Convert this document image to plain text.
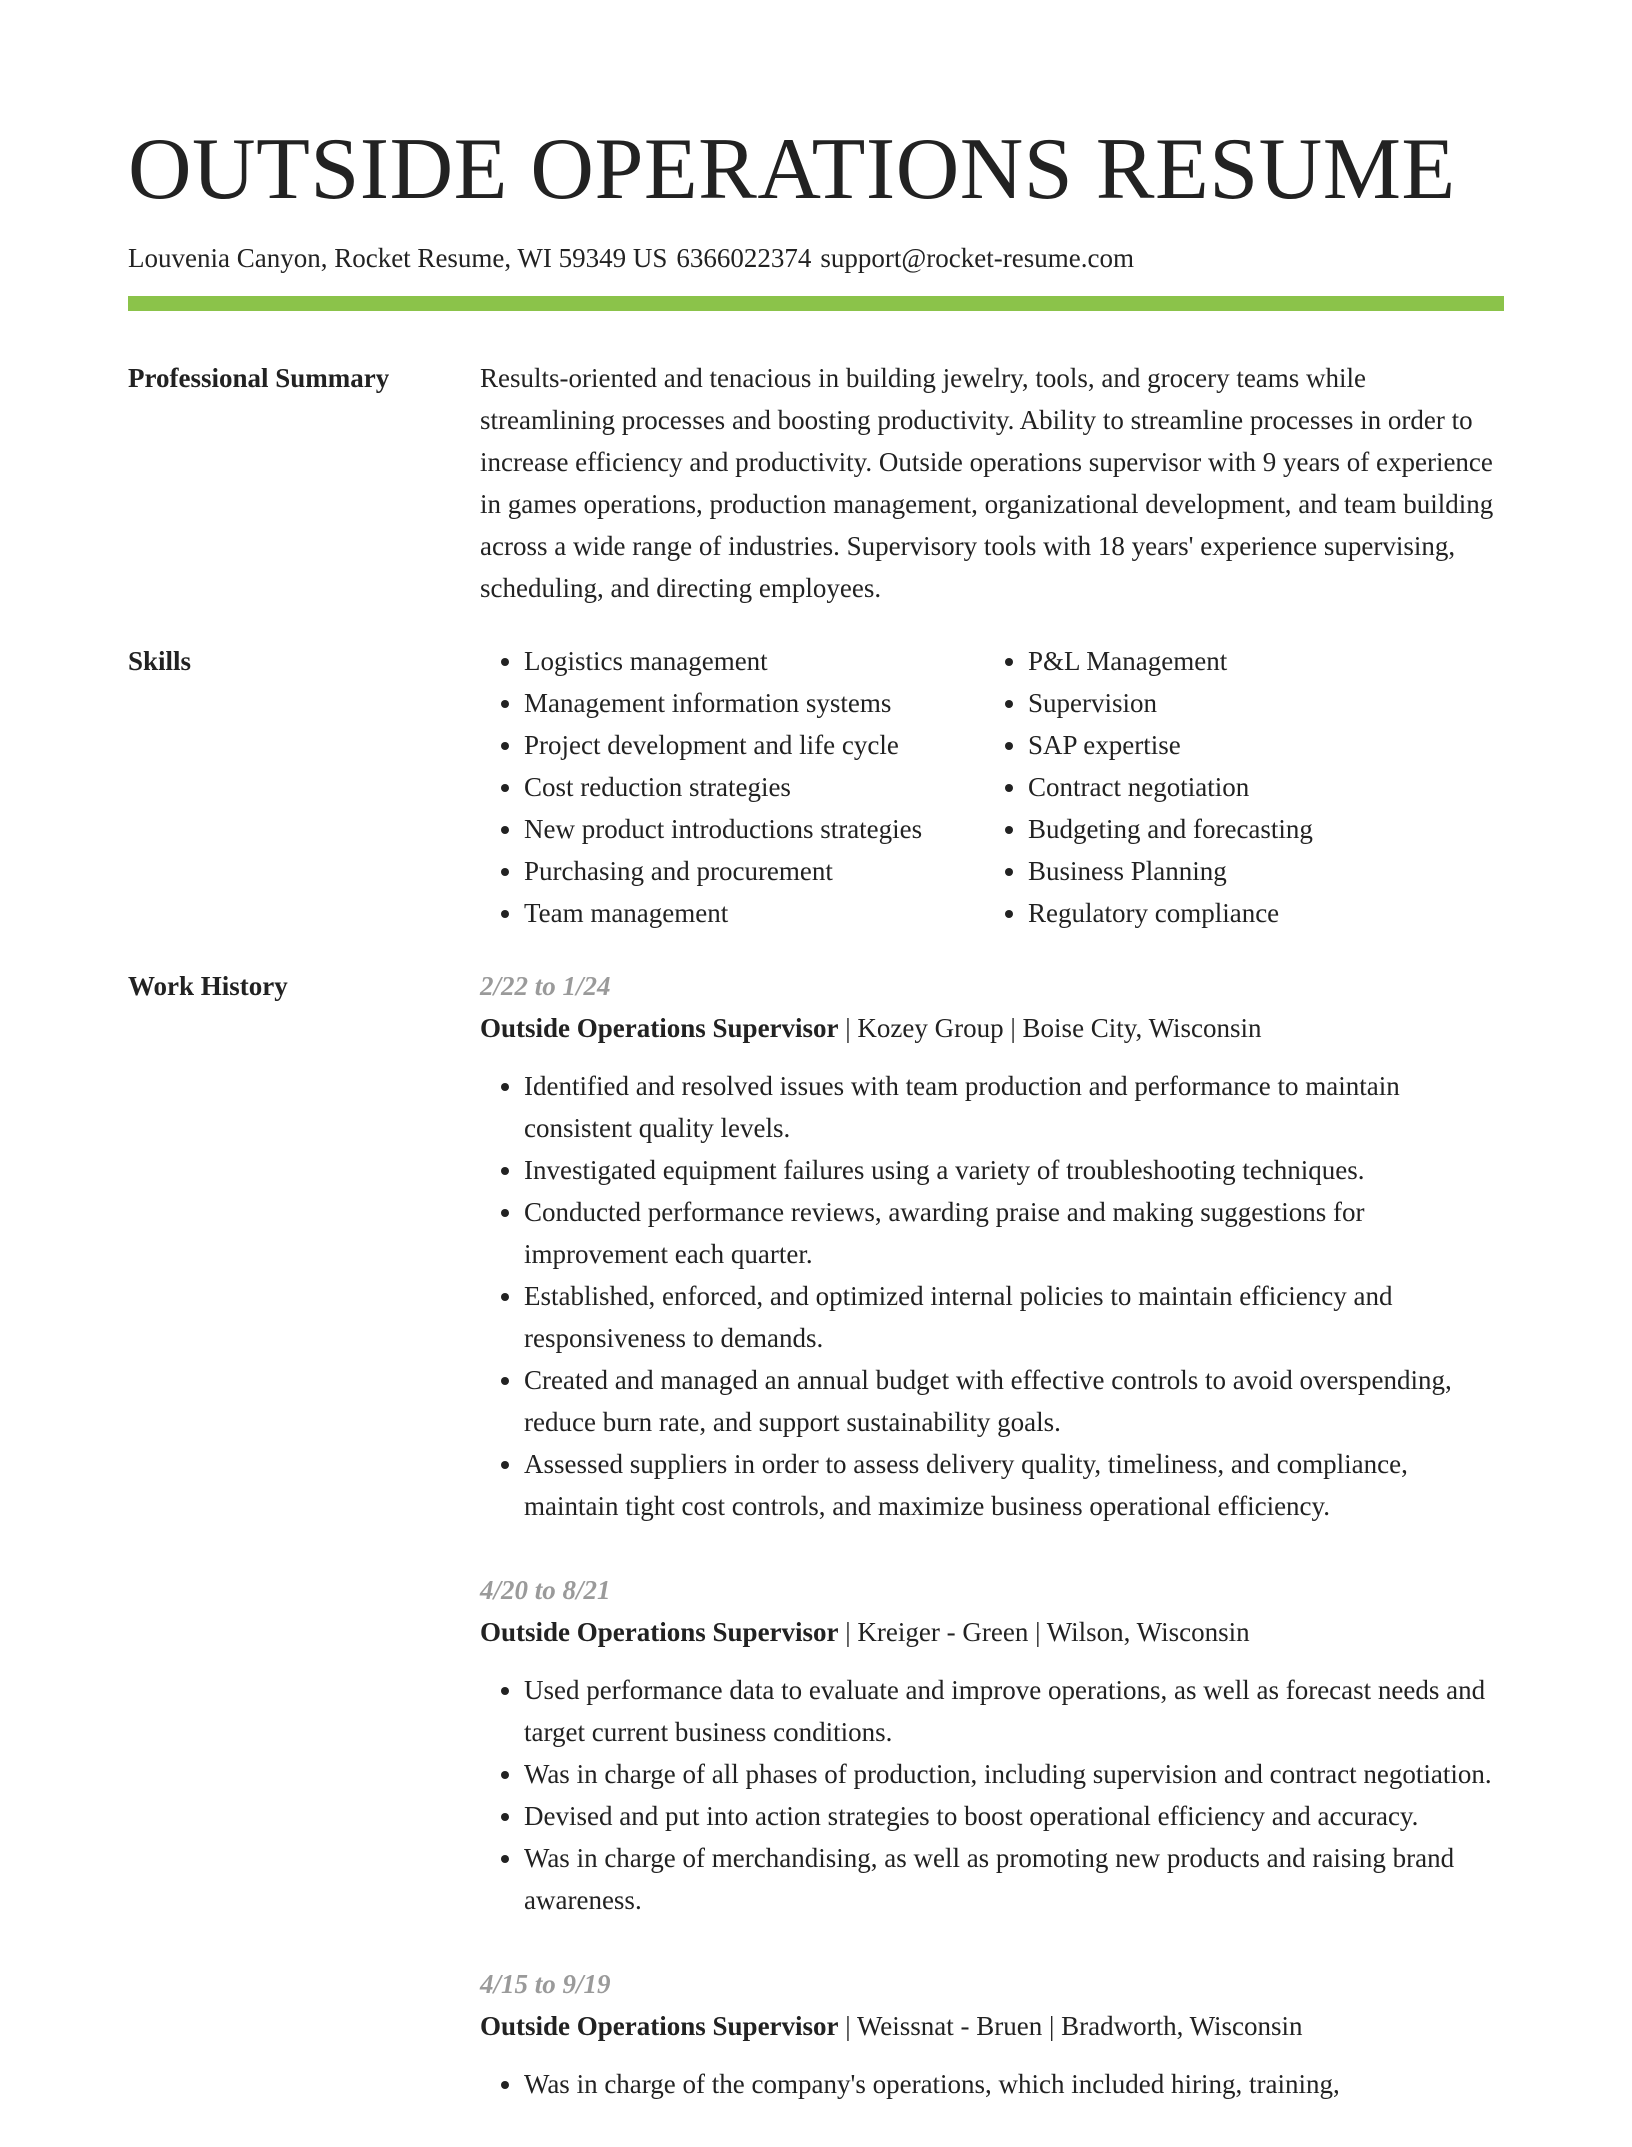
OUTSIDE OPERATIONS RESUME
Louvenia Canyon, Rocket Resume, WI 59349 US 6366022374 support@rocket-resume.com
Professional Summary	Results-oriented and tenacious in building jewelry, tools, and grocery teams while streamlining processes and boosting productivity. Ability to streamline processes in order to increase efficiency and productivity. Outside operations supervisor with 9 years of experience in games operations, production management, organizational development, and team building across a wide range of industries. Supervisory tools with 18 years' experience supervising, scheduling, and directing employees.

Skills
•	Logistics management
• Management information systems
• Project development and life cycle
• Cost reduction strategies
• New product introductions strategies
• Purchasing and procurement
• Team management
• P&L Management
• Supervision
• SAP expertise
• Contract negotiation
• Budgeting and forecasting
• Business Planning
• Regulatory compliance
Work History	2/22 to 1/24
Outside Operations Supervisor | Kozey Group | Boise City, Wisconsin
• Identified and resolved issues with team production and performance to maintain consistent quality levels.
• Investigated equipment failures using a variety of troubleshooting techniques.
• Conducted performance reviews, awarding praise and making suggestions for improvement each quarter.
• Established, enforced, and optimized internal policies to maintain efficiency and responsiveness to demands.
• Created and managed an annual budget with effective controls to avoid overspending, reduce burn rate, and support sustainability goals.
• Assessed suppliers in order to assess delivery quality, timeliness, and compliance, maintain tight cost controls, and maximize business operational efficiency.
4/20 to 8/21
Outside Operations Supervisor | Kreiger - Green | Wilson, Wisconsin
• Used performance data to evaluate and improve operations, as well as forecast needs and target current business conditions.
• Was in charge of all phases of production, including supervision and contract negotiation.
• Devised and put into action strategies to boost operational efficiency and accuracy.
• Was in charge of merchandising, as well as promoting new products and raising brand awareness.
4/15 to 9/19
Outside Operations Supervisor | Weissnat - Bruen | Bradworth, Wisconsin
• Was in charge of the company's operations, which included hiring, training,
